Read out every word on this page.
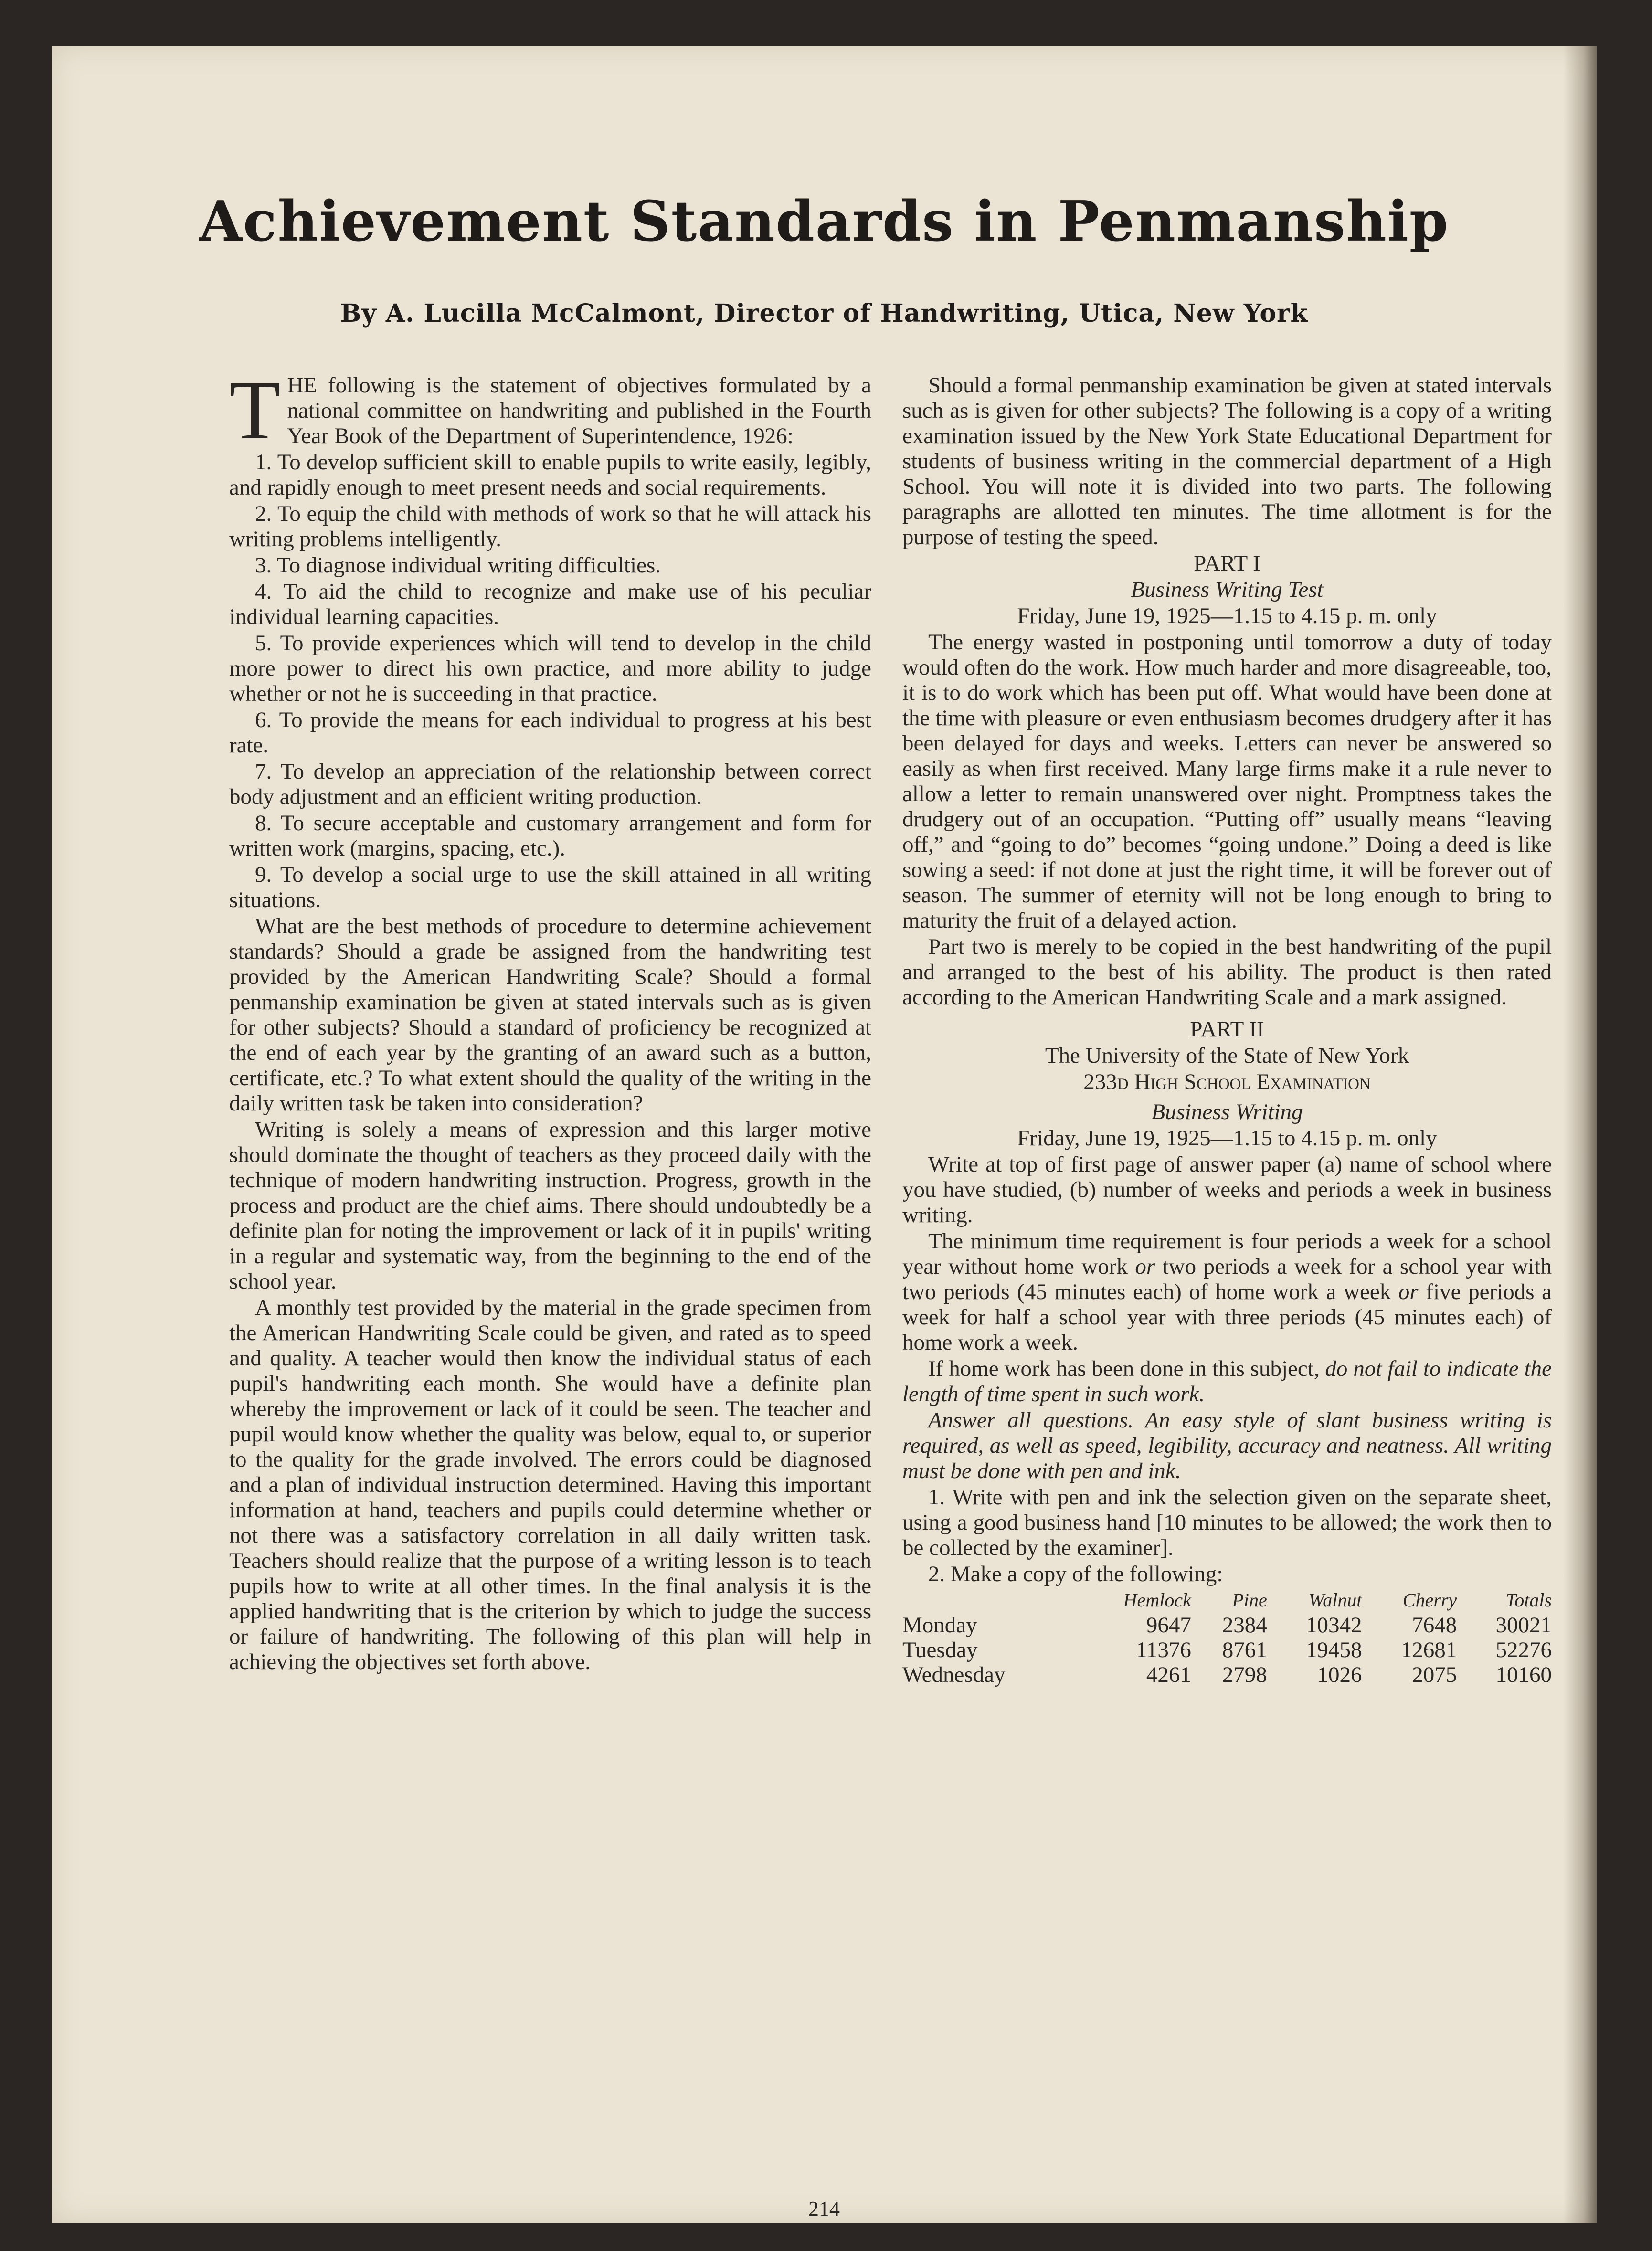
Achievement Standards in Penmanship
By A. Lucilla McCalmont, Director of Handwriting, Utica, New York

THE following is the statement of objectives formulated by a national committee on handwriting and published in the Fourth Year Book of the Department of Superintendence, 1926:

1. To develop sufficient skill to enable pupils to write easily, legibly, and rapidly enough to meet present needs and social requirements.

2. To equip the child with methods of work so that he will attack his writing problems intelligently.

3. To diagnose individual writing difficulties.

4. To aid the child to recognize and make use of his peculiar individual learning capacities.

5. To provide experiences which will tend to develop in the child more power to direct his own practice, and more ability to judge whether or not he is succeeding in that practice.

6. To provide the means for each individual to progress at his best rate.

7. To develop an appreciation of the relationship between correct body adjustment and an efficient writing production.

8. To secure acceptable and customary arrangement and form for written work (margins, spacing, etc.).

9. To develop a social urge to use the skill attained in all writing situations.

What are the best methods of procedure to determine achievement standards? Should a grade be assigned from the handwriting test provided by the American Handwriting Scale? Should a formal penmanship examination be given at stated intervals such as is given for other subjects? Should a standard of proficiency be recognized at the end of each year by the granting of an award such as a button, certificate, etc.? To what extent should the quality of the writing in the daily written task be taken into consideration?

Writing is solely a means of expression and this larger motive should dominate the thought of teachers as they proceed daily with the technique of modern handwriting instruction. Progress, growth in the process and product are the chief aims. There should undoubtedly be a definite plan for noting the improvement or lack of it in pupils' writing in a regular and systematic way, from the beginning to the end of the school year.

A monthly test provided by the material in the grade specimen from the American Handwriting Scale could be given, and rated as to speed and quality. A teacher would then know the individual status of each pupil's handwriting each month. She would have a definite plan whereby the improvement or lack of it could be seen. The teacher and pupil would know whether the quality was below, equal to, or superior to the quality for the grade involved. The errors could be diagnosed and a plan of individual instruction determined. Having this important information at hand, teachers and pupils could determine whether or not there was a satisfactory correlation in all daily written task. Teachers should realize that the purpose of a writing lesson is to teach pupils how to write at all other times. In the final analysis it is the applied handwriting that is the criterion by which to judge the success or failure of handwriting. The following of this plan will help in achieving the objectives set forth above.

Should a formal penmanship examination be given at stated intervals such as is given for other subjects? The following is a copy of a writing examination issued by the New York State Educational Department for students of business writing in the commercial department of a High School. You will note it is divided into two parts. The following paragraphs are allotted ten minutes. The time allotment is for the purpose of testing the speed.

PART I

Business Writing Test

Friday, June 19, 1925—1.15 to 4.15 p. m. only

The energy wasted in postponing until tomorrow a duty of today would often do the work. How much harder and more disagreeable, too, it is to do work which has been put off. What would have been done at the time with pleasure or even enthusiasm becomes drudgery after it has been delayed for days and weeks. Letters can never be answered so easily as when first received. Many large firms make it a rule never to allow a letter to remain unanswered over night. Promptness takes the drudgery out of an occupation. “Putting off” usually means “leaving off,” and “going to do” becomes “going undone.” Doing a deed is like sowing a seed: if not done at just the right time, it will be forever out of season. The summer of eternity will not be long enough to bring to maturity the fruit of a delayed action.

Part two is merely to be copied in the best handwriting of the pupil and arranged to the best of his ability. The product is then rated according to the American Handwriting Scale and a mark assigned.

PART II

The University of the State of New York

233d High School Examination

Business Writing

Friday, June 19, 1925—1.15 to 4.15 p. m. only

Write at top of first page of answer paper (a) name of school where you have studied, (b) number of weeks and periods a week in business writing.

The minimum time requirement is four periods a week for a school year without home work or two periods a week for a school year with two periods (45 minutes each) of home work a week or five periods a week for half a school year with three periods (45 minutes each) of home work a week.

If home work has been done in this subject, do not fail to indicate the length of time spent in such work.

Answer all questions. An easy style of slant business writing is required, as well as speed, legibility, accuracy and neatness. All writing must be done with pen and ink.

1. Write with pen and ink the selection given on the separate sheet, using a good business hand [10 minutes to be allowed; the work then to be collected by the examiner].

2. Make a copy of the following:

	Hemlock	Pine	Walnut	Cherry	Totals
Monday	9647	2384	10342	7648	30021
Tuesday	11376	8761	19458	12681	52276
Wednesday	4261	2798	1026	2075	10160
214
